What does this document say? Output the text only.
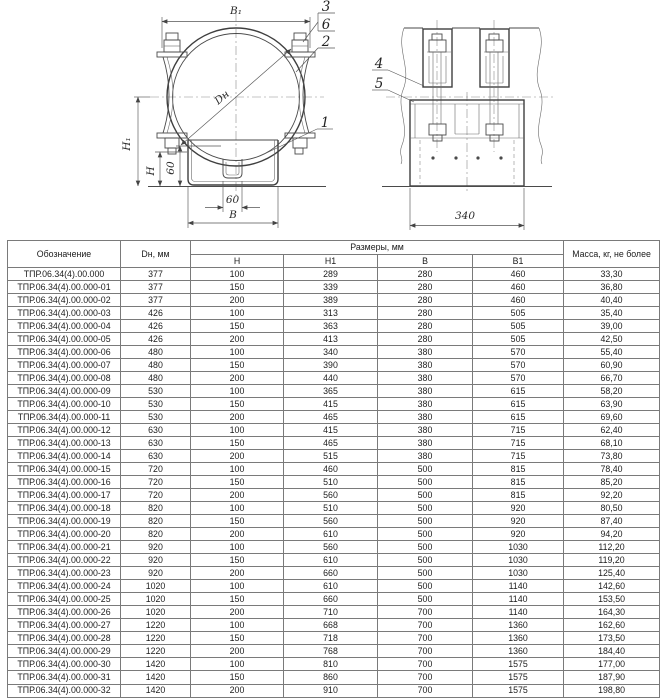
B₁
Dн
H₁
H 60
60
B
3
6
2
1
340
4
5
Обозначение	Dн, мм	Размеры, мм				Масса, кг, не более
		H	H1	B	B1	
ТПР.06.34(4).00.000	377	100	289	280	460	33,30
ТПР.06.34(4).00.000-01	377	150	339	280	460	36,80
ТПР.06.34(4).00.000-02	377	200	389	280	460	40,40
ТПР.06.34(4).00.000-03	426	100	313	280	505	35,40
ТПР.06.34(4).00.000-04	426	150	363	280	505	39,00
ТПР.06.34(4).00.000-05	426	200	413	280	505	42,50
ТПР.06.34(4).00.000-06	480	100	340	380	570	55,40
ТПР.06.34(4).00.000-07	480	150	390	380	570	60,90
ТПР.06.34(4).00.000-08	480	200	440	380	570	66,70
ТПР.06.34(4).00.000-09	530	100	365	380	615	58,20
ТПР.06.34(4).00.000-10	530	150	415	380	615	63,90
ТПР.06.34(4).00.000-11	530	200	465	380	615	69,60
ТПР.06.34(4).00.000-12	630	100	415	380	715	62,40
ТПР.06.34(4).00.000-13	630	150	465	380	715	68,10
ТПР.06.34(4).00.000-14	630	200	515	380	715	73,80
ТПР.06.34(4).00.000-15	720	100	460	500	815	78,40
ТПР.06.34(4).00.000-16	720	150	510	500	815	85,20
ТПР.06.34(4).00.000-17	720	200	560	500	815	92,20
ТПР.06.34(4).00.000-18	820	100	510	500	920	80,50
ТПР.06.34(4).00.000-19	820	150	560	500	920	87,40
ТПР.06.34(4).00.000-20	820	200	610	500	920	94,20
ТПР.06.34(4).00.000-21	920	100	560	500	1030	112,20
ТПР.06.34(4).00.000-22	920	150	610	500	1030	119,20
ТПР.06.34(4).00.000-23	920	200	660	500	1030	125,40
ТПР.06.34(4).00.000-24	1020	100	610	500	1140	142,60
ТПР.06.34(4).00.000-25	1020	150	660	500	1140	153,50
ТПР.06.34(4).00.000-26	1020	200	710	700	1140	164,30
ТПР.06.34(4).00.000-27	1220	100	668	700	1360	162,60
ТПР.06.34(4).00.000-28	1220	150	718	700	1360	173,50
ТПР.06.34(4).00.000-29	1220	200	768	700	1360	184,40
ТПР.06.34(4).00.000-30	1420	100	810	700	1575	177,00
ТПР.06.34(4).00.000-31	1420	150	860	700	1575	187,90
ТПР.06.34(4).00.000-32	1420	200	910	700	1575	198,80
